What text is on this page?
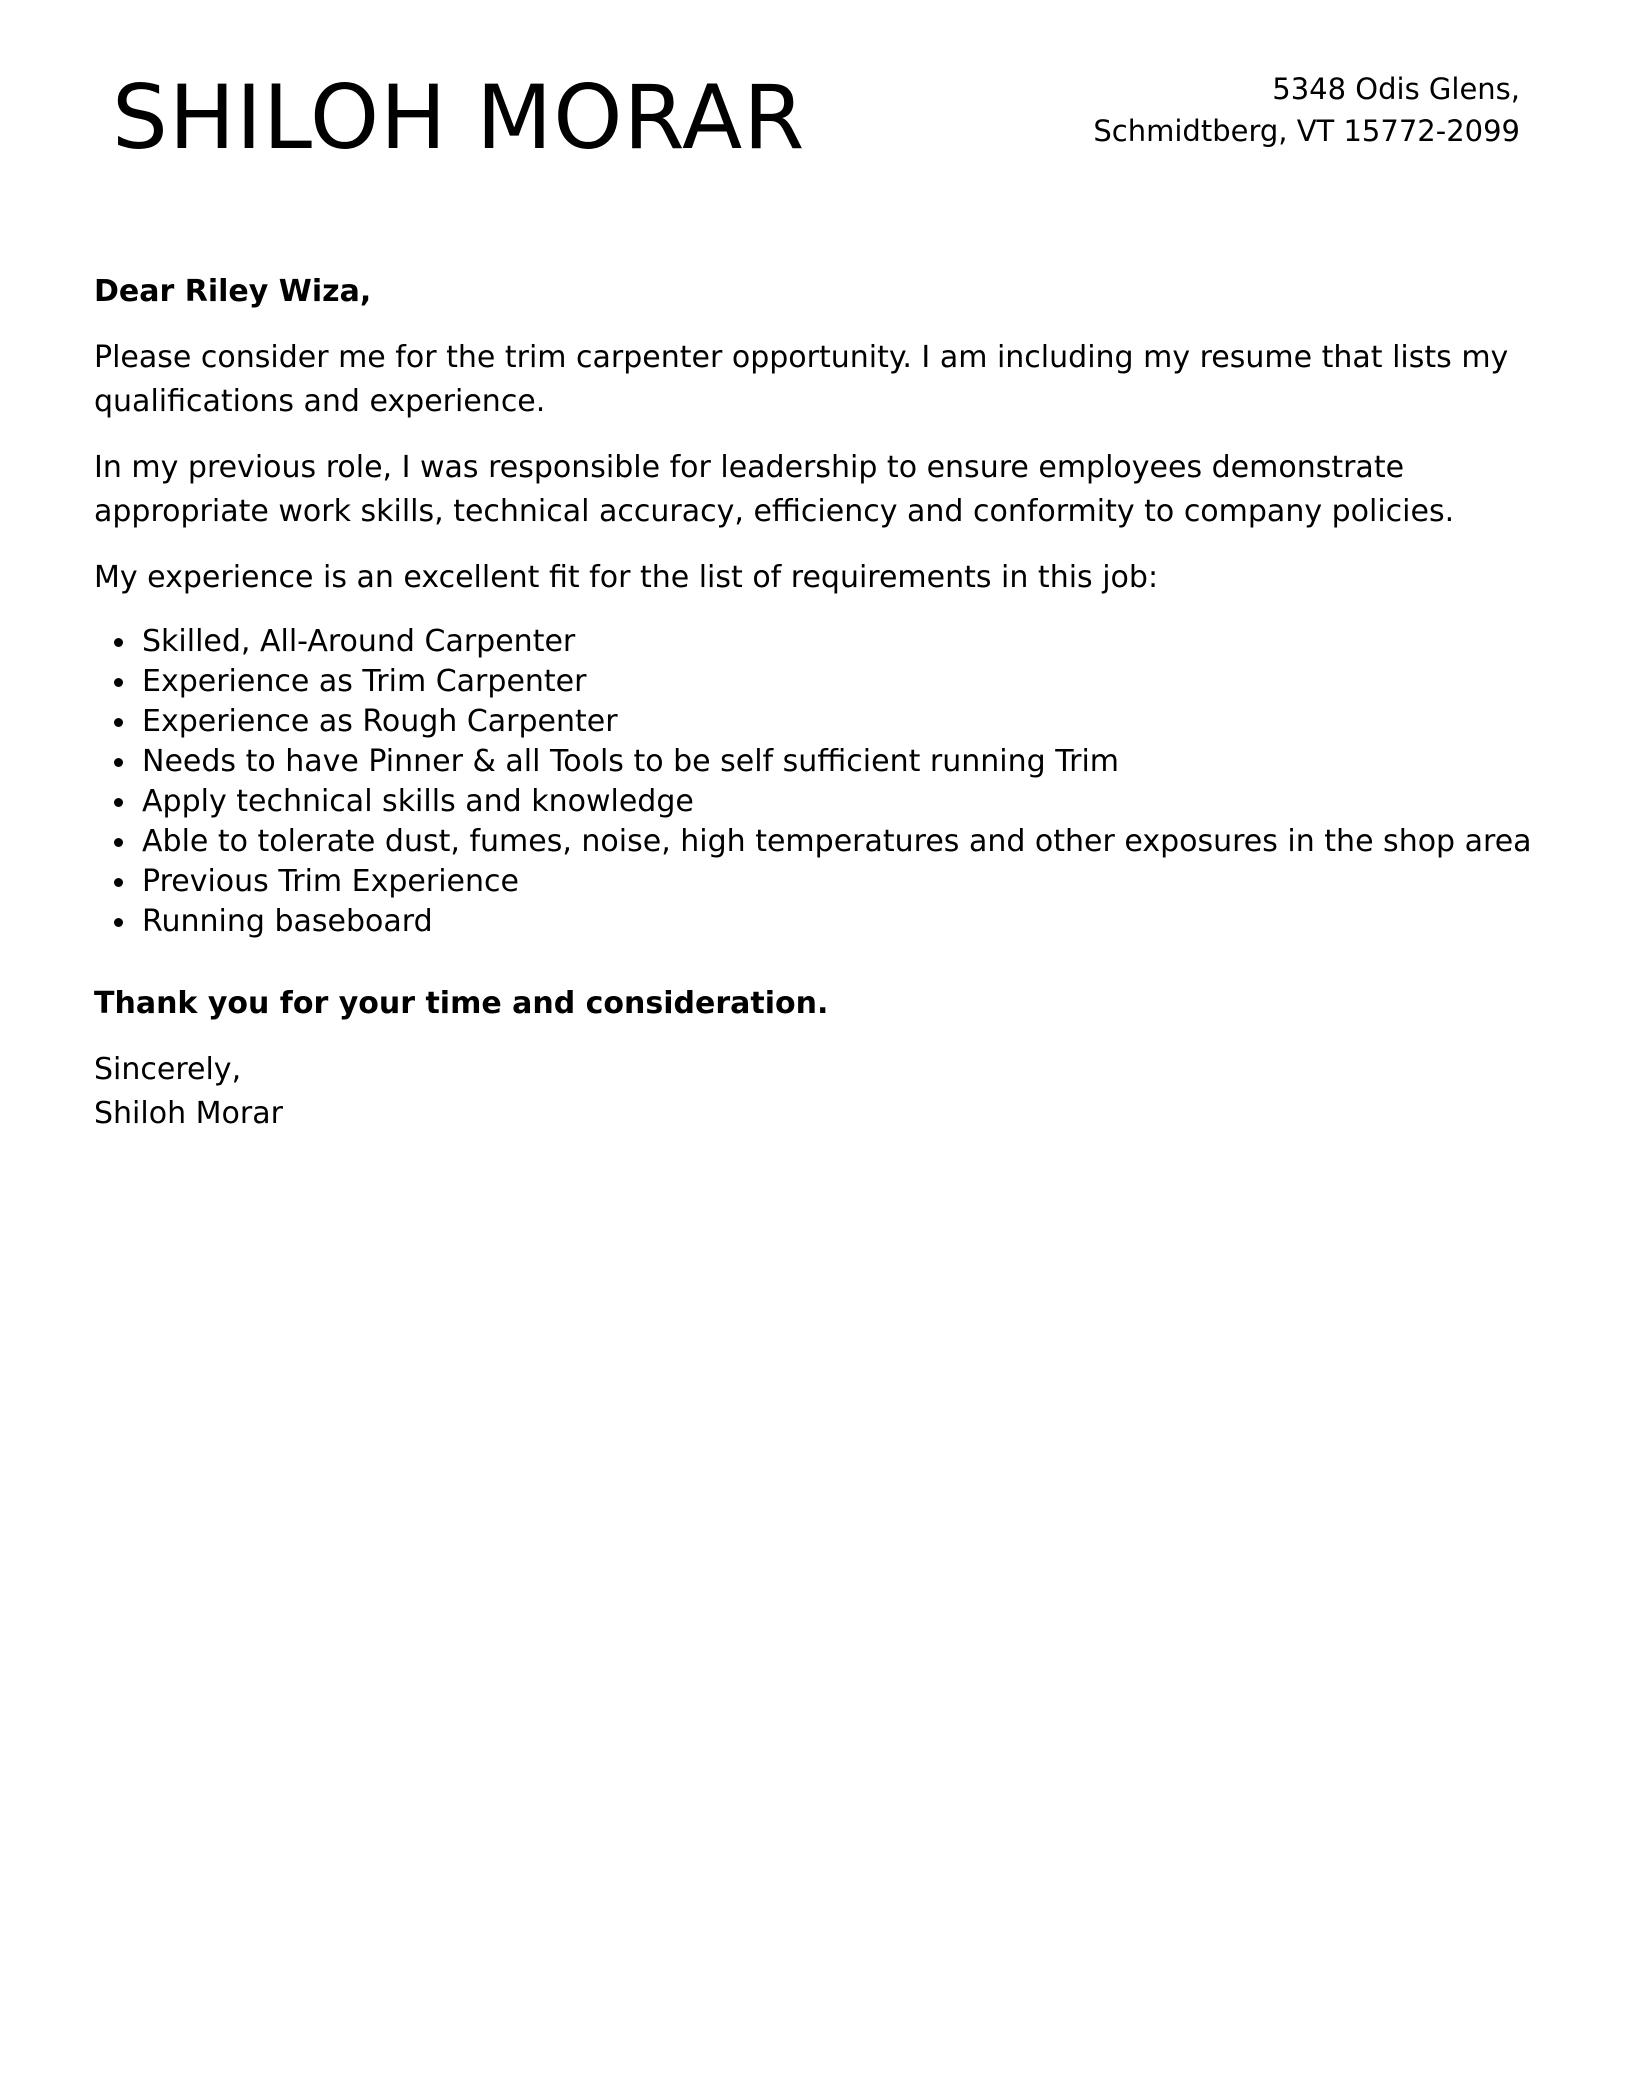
SHILOH MORAR	5348 Odis Glens,
Schmidtberg, VT 15772-2099

Dear Riley Wiza,

Please consider me for the trim carpenter opportunity. I am including my resume that lists my qualifications and experience.

In my previous role, I was responsible for leadership to ensure employees demonstrate appropriate work skills, technical accuracy, efficiency and conformity to company policies.

My experience is an excellent fit for the list of requirements in this job:

Skilled, All-Around Carpenter
Experience as Trim Carpenter
Experience as Rough Carpenter
Needs to have Pinner & all Tools to be self sufficient running Trim
Apply technical skills and knowledge
Able to tolerate dust, fumes, noise, high temperatures and other exposures in the shop area
Previous Trim Experience
Running baseboard

Thank you for your time and consideration.

Sincerely,
Shiloh Morar
